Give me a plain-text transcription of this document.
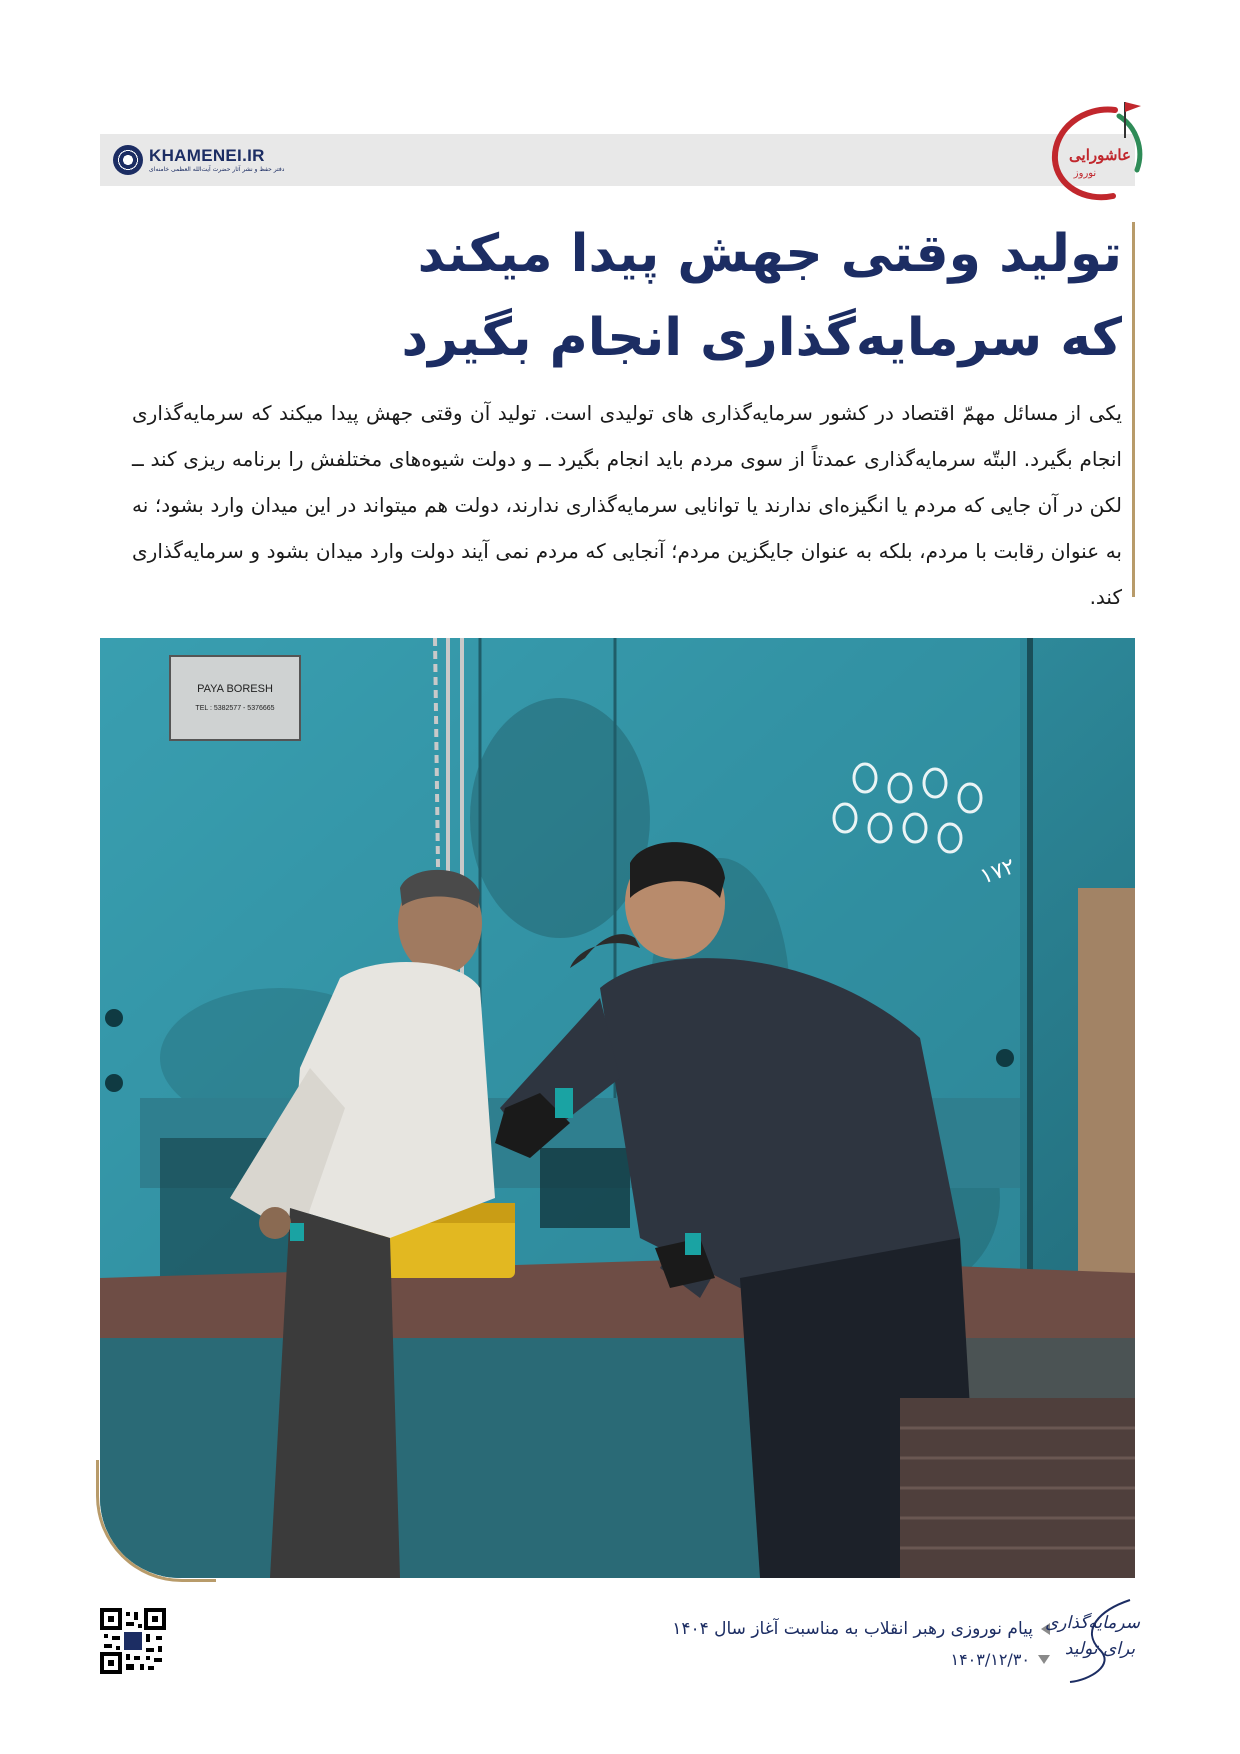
KHAMENEI.IR
دفتر حفظ و نشر آثار حضرت آیت‌الله العظمی خامنه‌ای
عاشورایی
نوروز
تولید وقتی جهش پیدا میکند
که سرمایه‌گذاری انجام بگیرد

یکی از مسائل مهمّ اقتصاد در کشور سرمایه‌گذاری های تولیدی است. تولید آن وقتی جهش پیدا میکند که سرمایه‌گذاری انجام بگیرد. البتّه سرمایه‌گذاری عمدتاً از سوی مردم باید انجام بگیرد ــ و دولت شیوه‌های مختلفش را برنامه ریزی کند ــ لکن در آن جایی که مردم یا انگیزه‌ای ندارند یا توانایی سرمایه‌گذاری ندارند، دولت هم میتواند در این میدان وارد بشود؛ نه به عنوان رقابت با مردم، بلکه به عنوان جایگزین مردم؛ آنجایی که مردم نمی آیند دولت وارد میدان بشود و سرمایه‌گذاری کند.

PAYA BORESH
TEL : 5382577 - 5376665
۱۷۲
پیام نوروزی رهبر انقلاب به مناسبت آغاز سال ۱۴۰۴
۱۴۰۳/۱۲/۳۰
سرمایه‌گذاری
برای تولید
